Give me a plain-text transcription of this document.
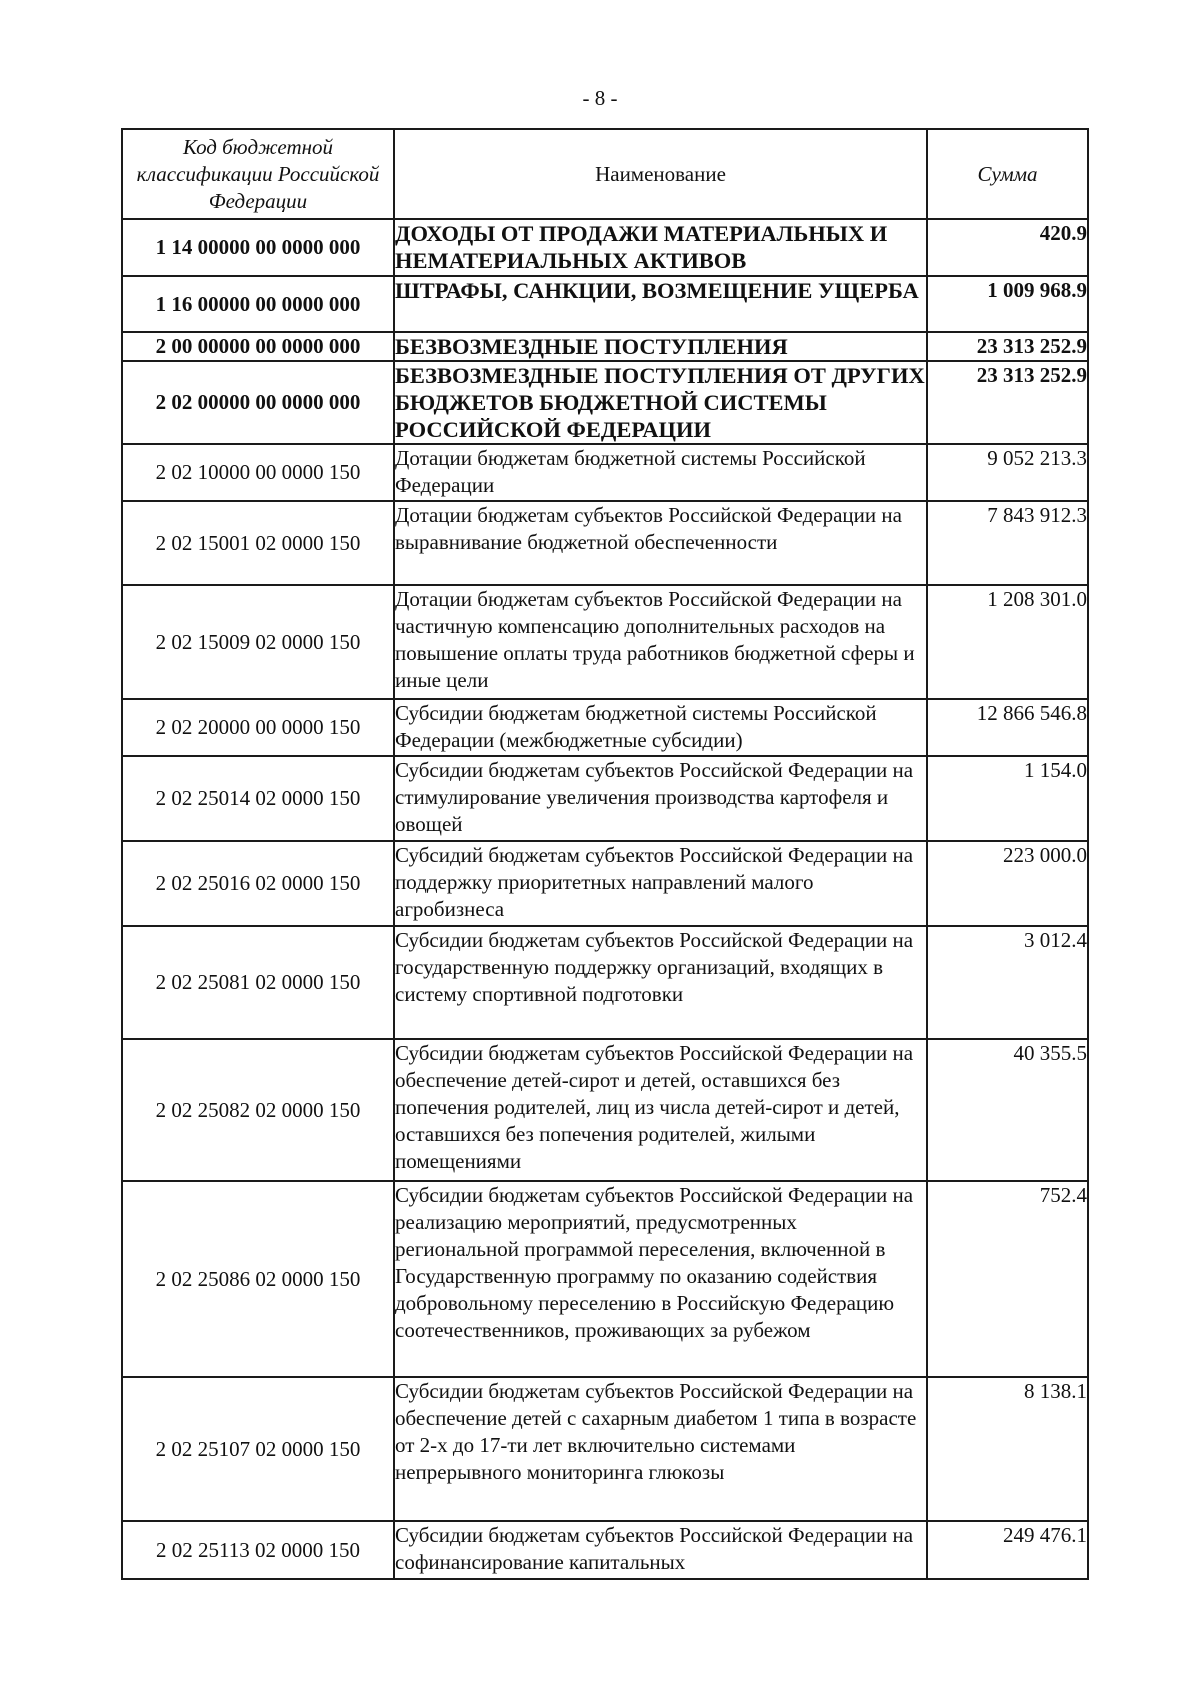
- 8 -
Код бюджетной классификации Российской Федерации	Наименование	Сумма
1 14 00000 00 0000 000	ДОХОДЫ ОТ ПРОДАЖИ МАТЕРИАЛЬНЫХ И НЕМАТЕРИАЛЬНЫХ АКТИВОВ	420.9
1 16 00000 00 0000 000	ШТРАФЫ, САНКЦИИ, ВОЗМЕЩЕНИЕ УЩЕРБА	1 009 968.9
2 00 00000 00 0000 000	БЕЗВОЗМЕЗДНЫЕ ПОСТУПЛЕНИЯ	23 313 252.9
2 02 00000 00 0000 000	БЕЗВОЗМЕЗДНЫЕ ПОСТУПЛЕНИЯ ОТ ДРУГИХ БЮДЖЕТОВ БЮДЖЕТНОЙ СИСТЕМЫ РОССИЙСКОЙ ФЕДЕРАЦИИ	23 313 252.9
2 02 10000 00 0000 150	Дотации бюджетам бюджетной системы Российской Федерации	9 052 213.3
2 02 15001 02 0000 150	Дотации бюджетам субъектов Российской Федерации на выравнивание бюджетной обеспеченности	7 843 912.3
2 02 15009 02 0000 150	Дотации бюджетам субъектов Российской Федерации на частичную компенсацию дополнительных расходов на повышение оплаты труда работников бюджетной сферы и иные цели	1 208 301.0
2 02 20000 00 0000 150	Субсидии бюджетам бюджетной системы Российской Федерации (межбюджетные субсидии)	12 866 546.8
2 02 25014 02 0000 150	Субсидии бюджетам субъектов Российской Федерации на стимулирование увеличения производства картофеля и овощей	1 154.0
2 02 25016 02 0000 150	Субсидий бюджетам субъектов Российской Федерации на поддержку приоритетных направлений малого агробизнеса	223 000.0
2 02 25081 02 0000 150	Субсидии бюджетам субъектов Российской Федерации на государственную поддержку организаций, входящих в систему спортивной подготовки	3 012.4
2 02 25082 02 0000 150	Субсидии бюджетам субъектов Российской Федерации на обеспечение детей-сирот и детей, оставшихся без попечения родителей, лиц из числа детей-сирот и детей, оставшихся без попечения родителей, жилыми помещениями	40 355.5
2 02 25086 02 0000 150	Субсидии бюджетам субъектов Российской Федерации на реализацию мероприятий, предусмотренных региональной программой переселения, включенной в Государственную программу по оказанию содействия добровольному переселению в Российскую Федерацию соотечественников, проживающих за рубежом	752.4
2 02 25107 02 0000 150	Субсидии бюджетам субъектов Российской Федерации на обеспечение детей с сахарным диабетом 1 типа в возрасте от 2-х до 17-ти лет включительно системами непрерывного мониторинга глюкозы	8 138.1
2 02 25113 02 0000 150	Субсидии бюджетам субъектов Российской Федерации на софинансирование капитальных	249 476.1
